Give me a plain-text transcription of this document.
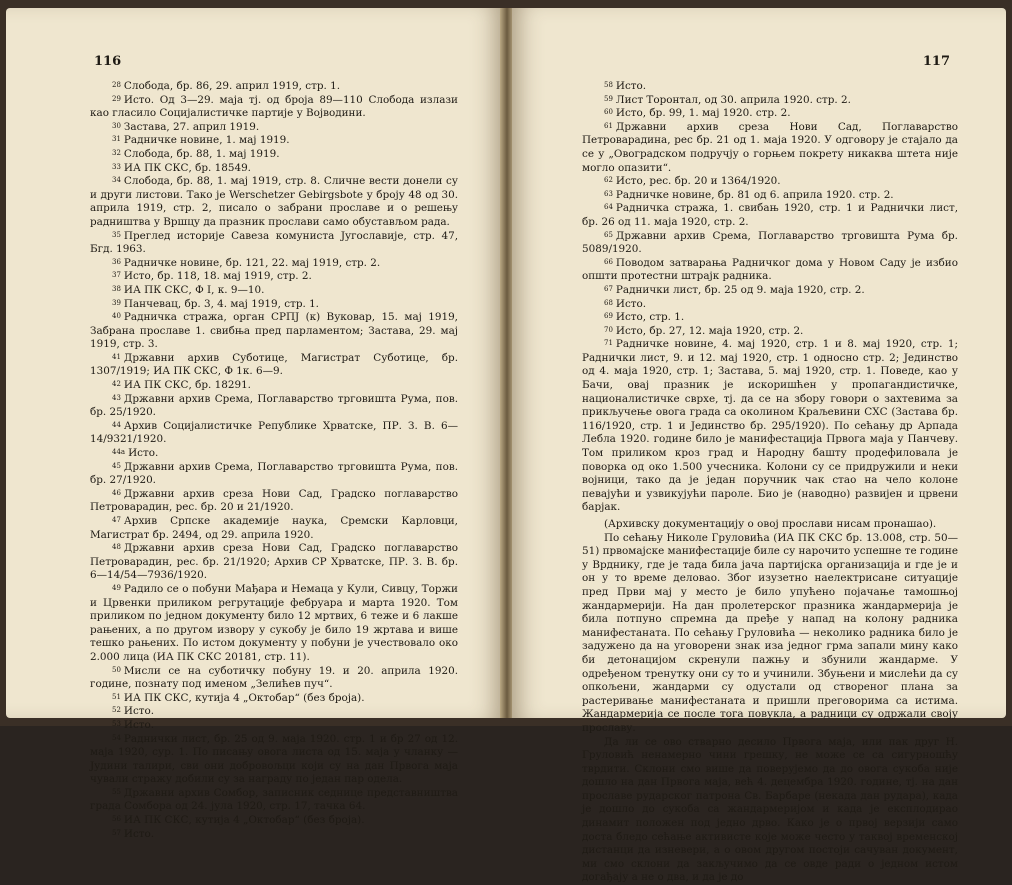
116

$^{28}$ Слобода, бр. 86, 29. април 1919, стр. 1.

$^{29}$ Исто. Од 3—29. маја тј. од броја 89—110 Слобода излази као гласило Социјалистичке партије у Војводини.

$^{30}$ Застава, 27. април 1919.

$^{31}$ Радничке новине, 1. мај 1919.

$^{32}$ Слобода, бр. 88, 1. мај 1919.

$^{33}$ ИА ПК СКС, бр. 18549.

$^{34}$ Слобода, бр. 88, 1. мај 1919, стр. 8. Сличне вести донели су и други листови. Тако је Werschetzer Gebirgsbote у броју 48 од 30. априла 1919, стр. 2, писало о забрани прославе и о решењу радништва у Вршцу да празник прослави само обустављом рада.

$^{35}$ Преглед историје Савеза комуниста Југославије, стр. 47, Бгд. 1963.

$^{36}$ Радничке новине, бр. 121, 22. мај 1919, стр. 2.

$^{37}$ Исто, бр. 118, 18. мај 1919, стр. 2.

$^{38}$ ИА ПК СКС, Ф I, к. 9—10.

$^{39}$ Панчевац, бр. 3, 4. мај 1919, стр. 1.

$^{40}$ Радничка стража, орган СРПЈ (к) Вуковар, 15. мај 1919, Забрана прославе 1. свибња пред парламентом; Застава, 29. мај 1919, стр. 3.

$^{41}$ Државни архив Суботице, Магистрат Суботице, бр. 1307/1919; ИА ПК СКС, Ф 1к. 6—9.

$^{42}$ ИА ПК СКС, бр. 18291.

$^{43}$ Државни архив Срема, Поглаварство трговишта Рума, пов. бр. 25/1920.

$^{44}$ Архив Социјалистичке Републике Хрватске, ПР. З. В. 6—14/9321/1920.

$^{44a}$ Исто.

$^{45}$ Државни архив Срема, Поглаварство трговишта Рума, пов. бр. 27/1920.

$^{46}$ Државни архив среза Нови Сад, Градско поглаварство Петроварадин, рес. бр. 20 и 21/1920.

$^{47}$ Архив Српске академије наука, Сремски Карловци, Магистрат бр. 2494, од 29. априла 1920.

$^{48}$ Државни архив среза Нови Сад, Градско поглаварство Петроварадин, рес. бр. 21/1920; Архив СР Хрватске, ПР. З. В. бр. 6—14/54—7936/1920.

$^{49}$ Радило се о побуни Мађара и Немаца у Кули, Сивцу, Торжи и Црвенки приликом регрутације фебруара и марта 1920. Том приликом по једном документу било 12 мртвих, 6 теже и 6 лакше рањених, а по другом извору у сукобу је било 19 жртава и више тешко рањених. По истом документу у побуни је учествовало око 2.000 лица (ИА ПК СКС 20181, стр. 11).

$^{50}$ Мисли се на суботичку побуну 19. и 20. априла 1920. године, познату под именом „Зелићев пуч“.

$^{51}$ ИА ПК СКС, кутија 4 „Октобар“ (без броја).

$^{52}$ Исто.

$^{53}$ Исто.

$^{54}$ Раднички лист, бр. 25 од 9. маја 1920. стр. 1 и бр 27 од 12. маја 1920, сур. 1. По писању овога листа од 15. маја у чланку — Јудини талири, сви они добровољци који су на дан Првога маја чували стражу добили су за награду по један пар одела.

$^{55}$ Државни архив Сомбор, записник седнице представништва града Сомбора од 24. јула 1920, стр. 17, тачка 64.

$^{56}$ ИА ПК СКС, кутија 4 „Октобар“ (без броја).

$^{57}$ Исто.

117

$^{58}$ Исто.

$^{59}$ Лист Торонтал, од 30. априла 1920. стр. 2.

$^{60}$ Исто, бр. 99, 1. мај 1920. стр. 2.

$^{61}$ Државни архив среза Нови Сад, Поглаварство Петроварадина, рес бр. 21 од 1. маја 1920. У одговору је стајало да се у „Овоградском подручју о горњем покрету никаква штета није могло опазити“.

$^{62}$ Исто, рес. бр. 20 и 1364/1920.

$^{63}$ Радничке новине, бр. 81 од 6. априла 1920. стр. 2.

$^{64}$ Радничка стража, 1. свибањ 1920, стр. 1 и Раднички лист, бр. 26 од 11. маја 1920, стр. 2.

$^{65}$ Државни архив Срема, Поглаварство трговишта Рума бр. 5089/1920.

$^{66}$ Поводом затварања Радничког дома у Новом Саду је избио општи протестни штрајк радника.

$^{67}$ Раднички лист, бр. 25 од 9. маја 1920, стр. 2.

$^{68}$ Исто.

$^{69}$ Исто, стр. 1.

$^{70}$ Исто, бр. 27, 12. маја 1920, стр. 2.

$^{71}$ Радничке новине, 4. мај 1920, стр. 1 и 8. мај 1920, стр. 1; Раднички лист, 9. и 12. мај 1920, стр. 1 односно стр. 2; Јединство од 4. маја 1920, стр. 1; Застава, 5. мај 1920, стр. 1. Поведе, као у Бачи, овај празник је искоришћен у пропагандистичке, националистичке сврхе, тј. да се на збору говори о захтевима за прикључење овога града са околином Краљевини СХС (Застава бр. 116/1920, стр. 1 и Јединство бр. 295/1920). По сећању др Арпада Лебла 1920. године било је манифестација Првога маја у Панчеву. Том приликом кроз град и Народну башту продефиловала је поворка од око 1.500 учесника. Колони су се придружили и неки војници, тако да је један поручник чак стао на чело колоне певајући и узвикујући пароле. Био је (наводно) развијен и црвени барјак.

(Архивску документацију о овој прослави нисам пронашао).

По сећању Николе Груловића (ИА ПК СКС бр. 13.008, стр. 50—51) првомајске манифестације биле су нарочито успешне те године у Врднику, где је тада била јача партијска организација и где је и он у то време деловао. Због изузетно наелектрисане ситуације пред Први мај у место је било упућено појачање тамошњој жандармерији. На дан пролетерског празника жандармерија је била потпуно спремна да пређе у напад на колону радника манифестаната. По сећању Груловића — неколико радника било је задужено да на уговорени знак иза једног грма запали мину како би детонацијом скренули пажњу и збунили жандарме. У одређеном тренутку они су то и учинили. Збуњени и мислећи да су опкољени, жандарми су одустали од створеног плана за растеривање манифестаната и пришли преговорима са истима. Жандармерија се после тога повукла, а радници су одржали своју прославу.

Да ли се ово стварно десило Првога маја, или пак друг Н. Груловић ненамерно чини грешку, не може се са сигурношћу тврдити. Склони смо више да поверујемо да до овога сукоба није дошло на дан Првога маја, већ 4. децембра 1920. године, тј. на дан прославе рударског патрона Св. Барбаре (некада дан рудара), када је дошло до сукоба са жандармеријом и када је експлодирао динамит положен под једно дрво. Како је о првој верзији само доста бледо сећање активисте које може често у таквој временској дистанци да изневери, а о овом другом постоји сачуван документ, ми смо склони да закључимо да се овде ради о једном истом догађају а не о два, и да је до
